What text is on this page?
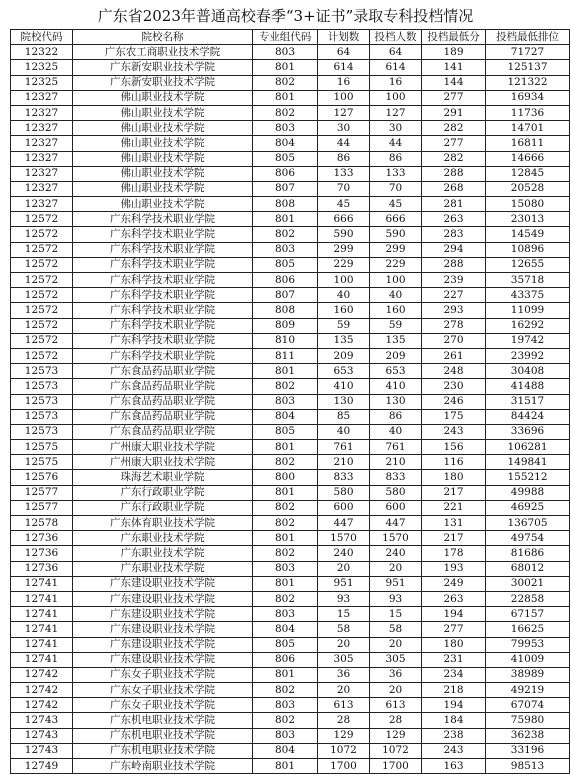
广东省2023年普通高校春季“3+证书”录取专科投档情况
院校代码	院校名称	专业组代码	计划数	投档人数	投档最低分	投档最低排位
12322	广东农工商职业技术学院	803	64	64	189	71727
12325	广东新安职业技术学院	801	614	614	141	125137
12325	广东新安职业技术学院	802	16	16	144	121322
12327	佛山职业技术学院	801	100	100	277	16934
12327	佛山职业技术学院	802	127	127	291	11736
12327	佛山职业技术学院	803	30	30	282	14701
12327	佛山职业技术学院	804	44	44	277	16811
12327	佛山职业技术学院	805	86	86	282	14666
12327	佛山职业技术学院	806	133	133	288	12845
12327	佛山职业技术学院	807	70	70	268	20528
12327	佛山职业技术学院	808	45	45	281	15080
12572	广东科学技术职业学院	801	666	666	263	23013
12572	广东科学技术职业学院	802	590	590	283	14549
12572	广东科学技术职业学院	803	299	299	294	10896
12572	广东科学技术职业学院	805	229	229	288	12655
12572	广东科学技术职业学院	806	100	100	239	35718
12572	广东科学技术职业学院	807	40	40	227	43375
12572	广东科学技术职业学院	808	160	160	293	11099
12572	广东科学技术职业学院	809	59	59	278	16292
12572	广东科学技术职业学院	810	135	135	270	19742
12572	广东科学技术职业学院	811	209	209	261	23992
12573	广东食品药品职业学院	801	653	653	248	30408
12573	广东食品药品职业学院	802	410	410	230	41488
12573	广东食品药品职业学院	803	130	130	246	31517
12573	广东食品药品职业学院	804	85	86	175	84424
12573	广东食品药品职业学院	805	40	40	243	33696
12575	广州康大职业技术学院	801	761	761	156	106281
12575	广州康大职业技术学院	802	210	210	116	149841
12576	珠海艺术职业学院	800	833	833	180	155212
12577	广东行政职业学院	801	580	580	217	49988
12577	广东行政职业学院	802	600	600	221	46925
12578	广东体育职业技术学院	802	447	447	131	136705
12736	广东职业技术学院	801	1570	1570	217	49754
12736	广东职业技术学院	802	240	240	178	81686
12736	广东职业技术学院	803	20	20	193	68012
12741	广东建设职业技术学院	801	951	951	249	30021
12741	广东建设职业技术学院	802	93	93	263	22858
12741	广东建设职业技术学院	803	15	15	194	67157
12741	广东建设职业技术学院	804	58	58	277	16625
12741	广东建设职业技术学院	805	20	20	180	79953
12741	广东建设职业技术学院	806	305	305	231	41009
12742	广东女子职业技术学院	801	36	36	234	38989
12742	广东女子职业技术学院	802	20	20	218	49219
12742	广东女子职业技术学院	803	613	613	194	67074
12743	广东机电职业技术学院	802	28	28	184	75980
12743	广东机电职业技术学院	803	129	129	238	36238
12743	广东机电职业技术学院	804	1072	1072	243	33196
12749	广东岭南职业技术学院	801	1700	1700	163	98513
